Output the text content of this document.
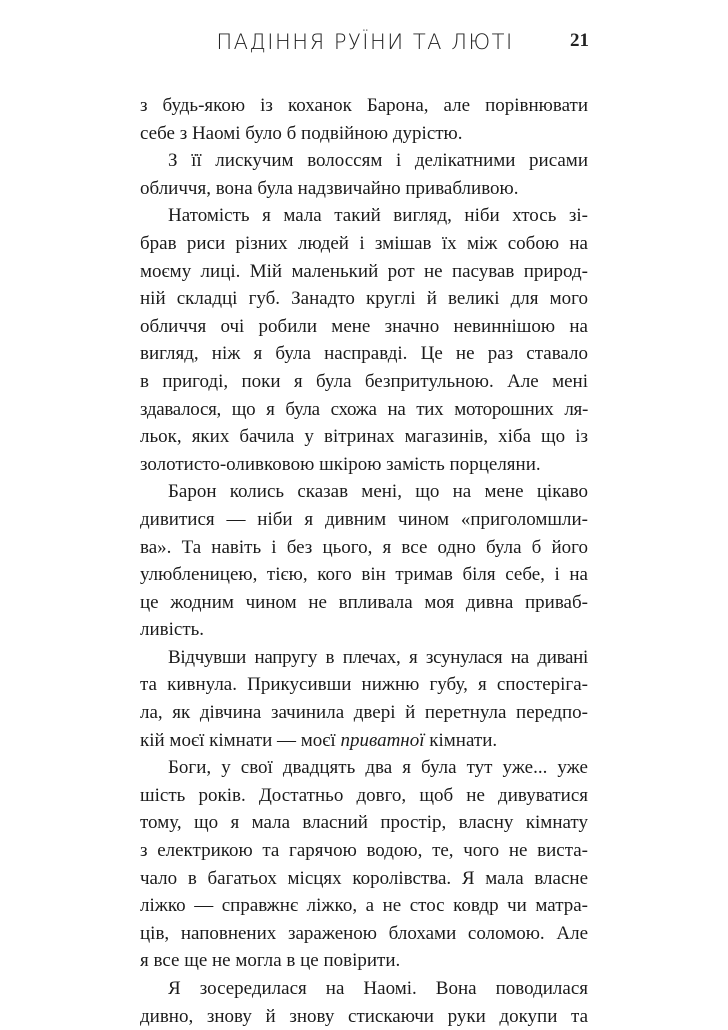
ПАДІННЯ РУЇНИ ТА ЛЮТІ	21
з будь-якою із коханок Барона, але порівнювати
себе з Наомі було б подвійною дурістю.
З її лискучим волоссям і делікатними рисами
обличчя, вона була надзвичайно привабливою.
Натомість я мала такий вигляд, ніби хтось зі-
брав риси різних людей і змішав їх між собою на
моєму лиці. Мій маленький рот не пасував природ-
ній складці губ. Занадто круглі й великі для мого
обличчя очі робили мене значно невиннішою на
вигляд, ніж я була насправді. Це не раз ставало
в пригоді, поки я була безпритульною. Але мені
здавалося, що я була схожа на тих моторошних ля-
льок, яких бачила у вітринах магазинів, хіба що із
золотисто-оливковою шкірою замість порцеляни.
Барон колись сказав мені, що на мене цікаво
дивитися — ніби я дивним чином «приголомшли-
ва». Та навіть і без цього, я все одно була б його
улюбленицею, тією, кого він тримав біля себе, і на
це жодним чином не впливала моя дивна приваб-
ливість.
Відчувши напругу в плечах, я зсунулася на дивані
та кивнула. Прикусивши нижню губу, я спостеріга-
ла, як дівчина зачинила двері й перетнула передпо-
кій моєї кімнати — моєї приватної кімнати.
Боги, у свої двадцять два я була тут уже... уже
шість років. Достатньо довго, щоб не дивуватися
тому, що я мала власний простір, власну кімнату
з електрикою та гарячою водою, те, чого не виста-
чало в багатьох місцях королівства. Я мала власне
ліжко — справжнє ліжко, а не стос ковдр чи матра-
ців, наповнених зараженою блохами соломою. Але
я все ще не могла в це повірити.
Я зосередилася на Наомі. Вона поводилася
дивно, знову й знову стискаючи руки докупи та
